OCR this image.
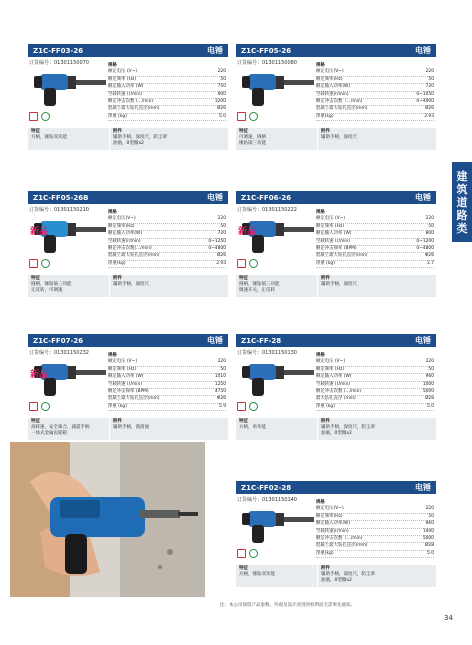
Z1C-FF03-26	电锤
订货编号：01301150070	规格
额定电压 (V~)	220
额定频率 (Hz)	50
额定输入功率 (W)	750
空载转速 (r/min)	900
额定冲击次数 (.../min)	3200
混凝土最大钻孔直径(mm)	Ø26
净重 (kg)	5.0
特征
方柄，锤钻双功能
附件
辅助手柄，深度尺，防尘罩
油瓶，0型圈x2
Z1C-FF05-26	电锤
订货编号：01301150080	规格
额定电压(V~)	220
额定频率(Hz)	50
额定输入功率(W)	720
空载转速(r/min)	0~1050
额定冲击次数（.../min)	0~4900
混凝土最大钻孔直径(mm)	Ø26
净重(kg)	2.93
特征
可调速，圆柄
锤钻镐三功能
附件
辅助手柄，深度尺
Z1C-FF05-26B	电锤
订货编号：01301150210
新品
规格
额定电压(V~)	220
额定频率(Hz)	50
额定输入功率(W)	720
空载转速(r/min)	0~1250
额定冲击次数(.../min)	0~4800
混凝土最大钻孔直径(mm)	Ø26
净重(kg)	2.93
特征
圆柄，锤钻镐三功能
正反转，可调速
附件
辅助手柄，深度尺
Z1C-FF06-26	电锤
订货编号：01301150222
新品
规格
额定电压 (V~)	220
额定频率 (Hz)	50
额定输入功率 (W)	800
空载转速 (r/min)	0~1200
额定冲击频率 (BPM)	0~4800
混凝土最大钻孔直径(mm)	Φ26
净重 (kg)	2.7
特征
圆柄，锤钻镐三功能
调速开关，正反转
附件
辅助手柄，深度尺
Z1C-FF07-26	电锤
订货编号：01301150232
新品
规格
额定电压 (V~)	220
额定频率 (Hz)	50
额定输入功率 (W)	1010
空载转速 (r/min)	1250
额定冲击频率 (BPM)	4750
混凝土最大钻孔直径(mm)	Φ26
净重 (kg)	5.9
特征
高转速，安全离合，减震手柄
一体式金属齿轮箱
附件
辅助手柄，润滑油
Z1C-FF-28	电锤
订货编号：01301150130	规格
额定电压 (V~)	220
额定频率 (Hz)	50
额定输入功率 (W)	960
空载转速 (r/min)	1000
额定冲击次数 (.../min)	5000
最大钻孔直径 (mm)	Ø28
净重 (kg)	5.0
特征
方柄，单功能
附件
辅助手柄，深度尺，防尘罩
油瓶，0型圈x2
Z1C-FF02-28	电锤
订货编号：01301150140	规格
额定电压(V~)	220
额定频率(Hz)	50
额定输入功率(W)	960
空载转速(r/min)	1000
额定冲击次数（.../min)	5000
混凝土最大钻孔直径(mm)	Ø28
净重(kg)	5.0
特征
方柄，锤钻双功能
附件
辅助手柄，深度尺，防尘罩
油瓶，0型圈x2
建
筑
道
路
类
注：本公司保留产品参数、外观及设计改进的权利而无需事先通知。
34
